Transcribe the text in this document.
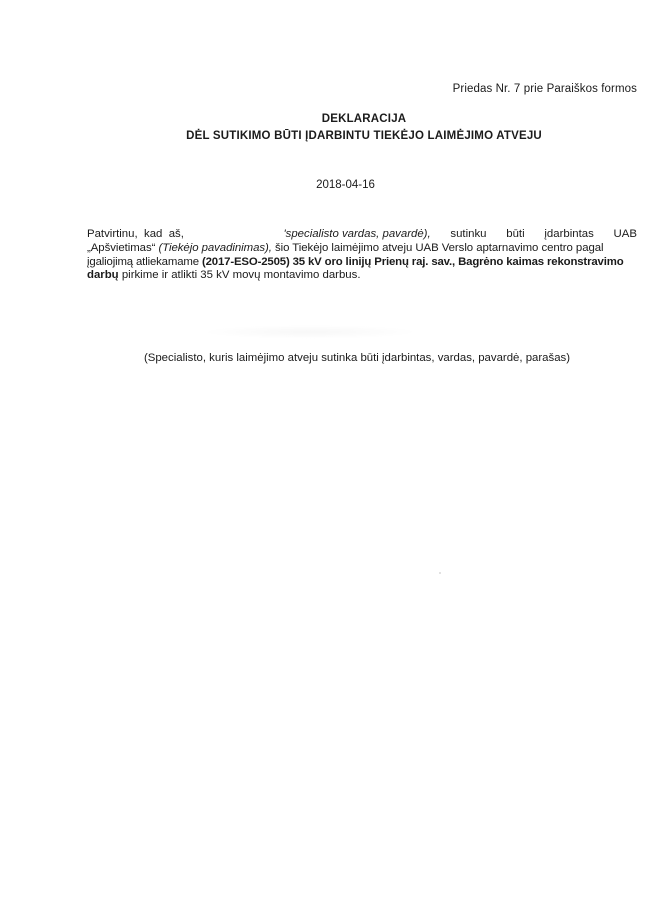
Priedas Nr. 7 prie Paraiškos formos
DEKLARACIJA
DĖL SUTIKIMO BŪTI ĮDARBINTU TIEKĖJO LAIMĖJIMO ATVEJU
2018-04-16
Patvirtinu, kad aš,	'specialisto vardas, pavardė), sutinku būti įdarbintas UAB
„Apšvietimas“ (Tiekėjo pavadinimas), šio Tiekėjo laimėjimo atveju UAB Verslo aptarnavimo centro pagal
įgaliojimą atliekamame (2017-ESO-2505) 35 kV oro linijų Prienų raj. sav., Bagrėno kaimas rekonstravimo
darbų pirkime ir atlikti 35 kV movų montavimo darbus.
(Specialisto, kuris laimėjimo atveju sutinka būti įdarbintas, vardas, pavardė, parašas)
